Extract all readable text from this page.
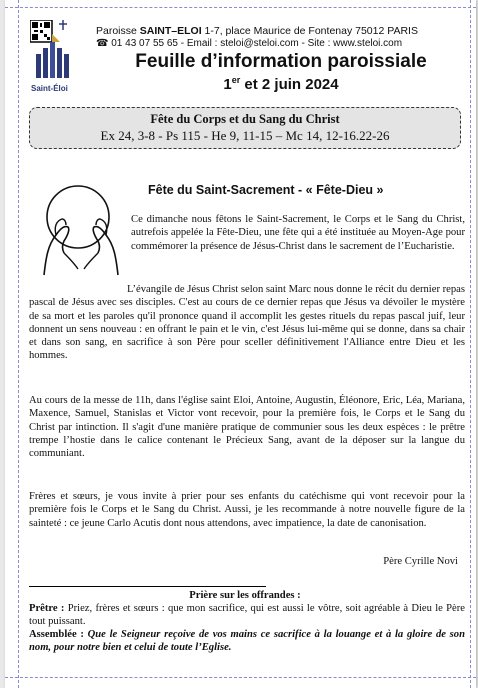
Saint-Éloi
Paroisse SAINT–ELOI 1-7, place Maurice de Fontenay 75012 PARIS
☎ 01 43 07 55 65 - Email : steloi@steloi.com - Site : www.steloi.com
Feuille d’information paroissiale
1er et 2 juin 2024
Fête du Corps et du Sang du Christ
Ex 24, 3-8 - Ps 115 - He 9, 11-15 – Mc 14, 12-16.22-26
Fête du Saint-Sacrement - « Fête-Dieu »

Ce dimanche nous fêtons le Saint-Sacrement, le Corps et le Sang du Christ, autrefois appelée la Fête-Dieu, une fête qui a été instituée au Moyen-Age pour commémorer la présence de Jésus-Christ dans le sacrement de l’Eucharistie.

L’évangile de Jésus Christ selon saint Marc nous donne le récit du dernier repas pascal de Jésus avec ses disciples. C'est au cours de ce dernier repas que Jésus va dévoiler le mystère de sa mort et les paroles qu'il prononce quand il accomplit les gestes rituels du repas pascal juif, leur donnent un sens nouveau : en offrant le pain et le vin, c'est Jésus lui-même qui se donne, dans sa chair et dans son sang, en sacrifice à son Père pour sceller définitivement l'Alliance entre Dieu et les hommes.

Au cours de la messe de 11h, dans l'église saint Eloi, Antoine, Augustin, Éléonore, Eric, Léa, Mariana, Maxence, Samuel, Stanislas et Victor vont recevoir, pour la première fois, le Corps et le Sang du Christ par intinction. Il s'agit d'une manière pratique de communier sous les deux espèces : le prêtre trempe l’hostie dans le calice contenant le Précieux Sang, avant de la déposer sur la langue du communiant.

Frères et sœurs, je vous invite à prier pour ses enfants du catéchisme qui vont recevoir pour la première fois le Corps et le Sang du Christ. Aussi, je les recommande à notre nouvelle figure de la sainteté : ce jeune Carlo Acutis dont nous attendons, avec impatience, la date de canonisation.

Père Cyrille Novi
Prière sur les offrandes :

Prêtre : Priez, frères et sœurs : que mon sacrifice, qui est aussi le vôtre, soit agréable à Dieu le Père tout puissant.

Assemblée : Que le Seigneur reçoive de vos mains ce sacrifice à la louange et à la gloire de son nom, pour notre bien et celui de toute l’Eglise.
